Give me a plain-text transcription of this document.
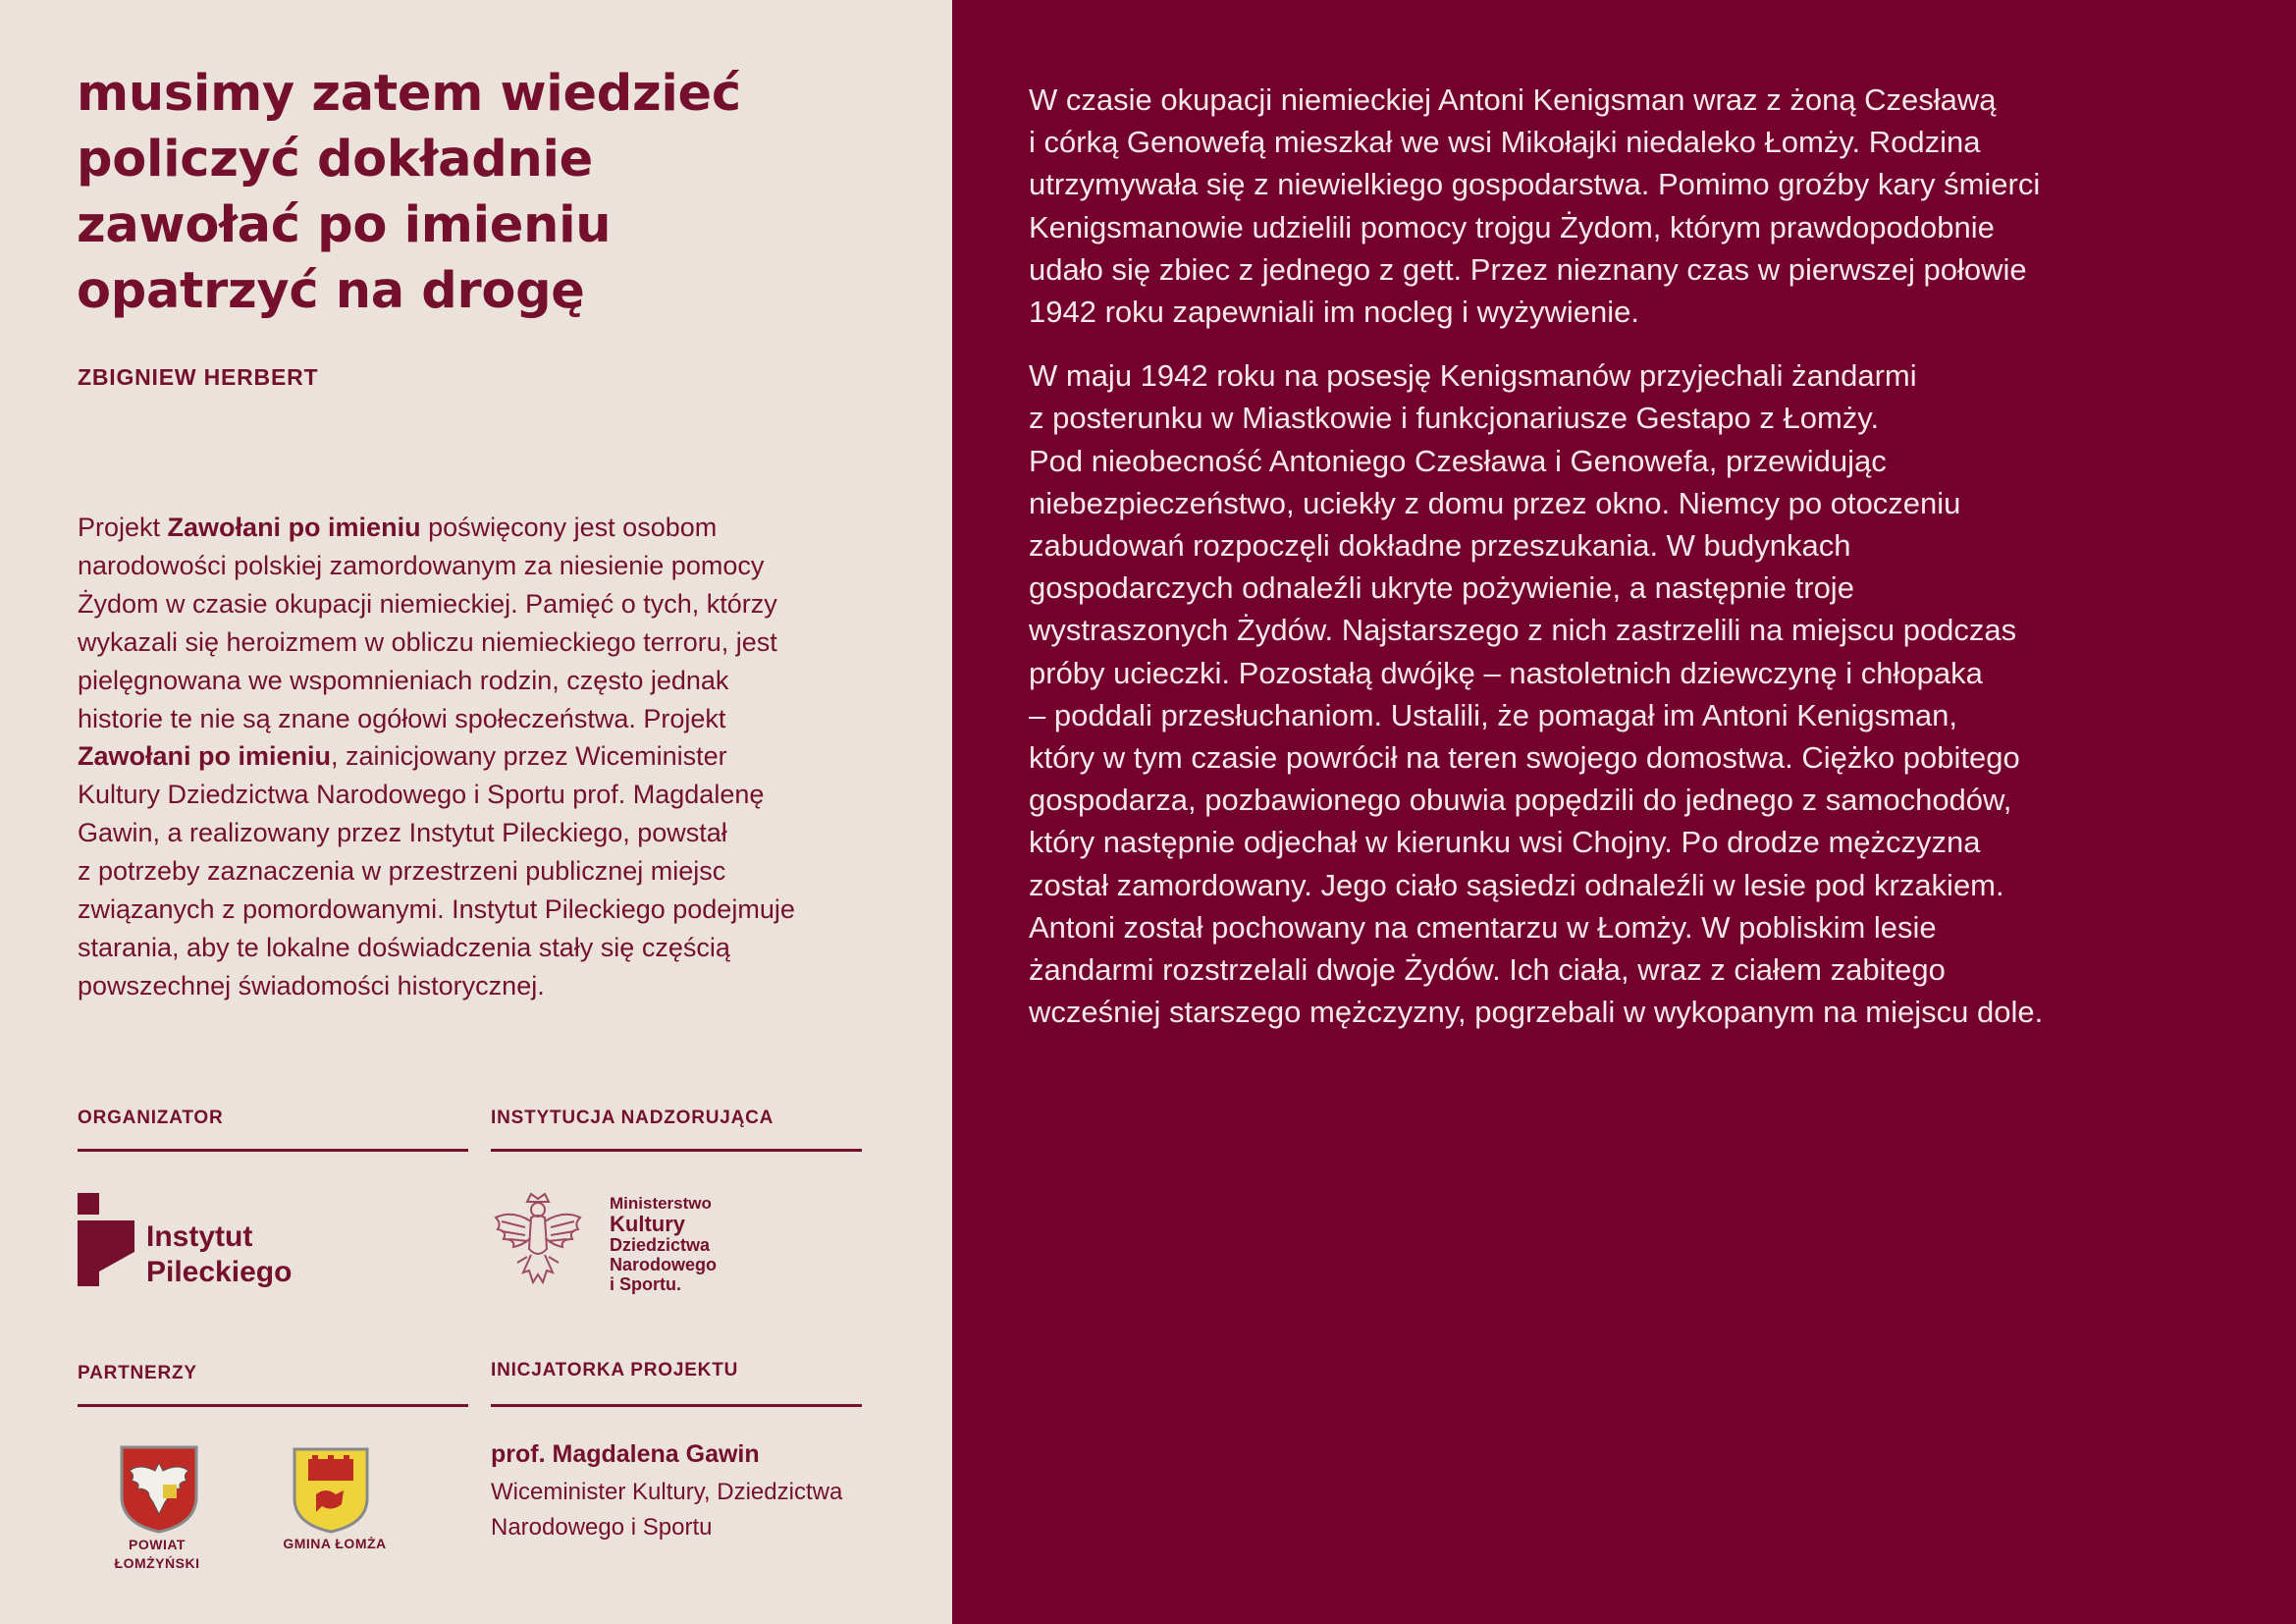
musimy zatem wiedzieć
policzyć dokładnie
zawołać po imieniu
opatrzyć na drogę
ZBIGNIEW HERBERT
Projekt Zawołani po imieniu poświęcony jest osobom
narodowości polskiej zamordowanym za niesienie pomocy
Żydom w czasie okupacji niemieckiej. Pamięć o tych, którzy
wykazali się heroizmem w obliczu niemieckiego terroru, jest
pielęgnowana we wspomnieniach rodzin, często jednak
historie te nie są znane ogółowi społeczeństwa. Projekt
Zawołani po imieniu, zainicjowany przez Wiceminister
Kultury Dziedzictwa Narodowego i Sportu prof. Magdalenę
Gawin, a realizowany przez Instytut Pileckiego, powstał
z potrzeby zaznaczenia w przestrzeni publicznej miejsc
związanych z pomordowanymi. Instytut Pileckiego podejmuje
starania, aby te lokalne doświadczenia stały się częścią
powszechnej świadomości historycznej.
ORGANIZATOR	INSTYTUCJA NADZORUJĄCA
PARTNERZY	INICJATORKA PROJEKTU
Instytut
Pileckiego
Ministerstwo
Kultury
Dziedzictwa
Narodowego
i Sportu.
POWIAT
ŁOMŻYŃSKI
GMINA ŁOMŻA
prof. Magdalena Gawin
Wiceminister Kultury, Dziedzictwa
Narodowego i Sportu
W czasie okupacji niemieckiej Antoni Kenigsman wraz z żoną Czesławą
i córką Genowefą mieszkał we wsi Mikołajki niedaleko Łomży. Rodzina
utrzymywała się z niewielkiego gospodarstwa. Pomimo groźby kary śmierci
Kenigsmanowie udzielili pomocy trojgu Żydom, którym prawdopodobnie
udało się zbiec z jednego z gett. Przez nieznany czas w pierwszej połowie
1942 roku zapewniali im nocleg i wyżywienie.
W maju 1942 roku na posesję Kenigsmanów przyjechali żandarmi
z posterunku w Miastkowie i funkcjonariusze Gestapo z Łomży.
Pod nieobecność Antoniego Czesława i Genowefa, przewidując
niebezpieczeństwo, uciekły z domu przez okno. Niemcy po otoczeniu
zabudowań rozpoczęli dokładne przeszukania. W budynkach
gospodarczych odnaleźli ukryte pożywienie, a następnie troje
wystraszonych Żydów. Najstarszego z nich zastrzelili na miejscu podczas
próby ucieczki. Pozostałą dwójkę – nastoletnich dziewczynę i chłopaka
– poddali przesłuchaniom. Ustalili, że pomagał im Antoni Kenigsman,
który w tym czasie powrócił na teren swojego domostwa. Ciężko pobitego
gospodarza, pozbawionego obuwia popędzili do jednego z samochodów,
który następnie odjechał w kierunku wsi Chojny. Po drodze mężczyzna
został zamordowany. Jego ciało sąsiedzi odnaleźli w lesie pod krzakiem.
Antoni został pochowany na cmentarzu w Łomży. W pobliskim lesie
żandarmi rozstrzelali dwoje Żydów. Ich ciała, wraz z ciałem zabitego
wcześniej starszego mężczyzny, pogrzebali w wykopanym na miejscu dole.
